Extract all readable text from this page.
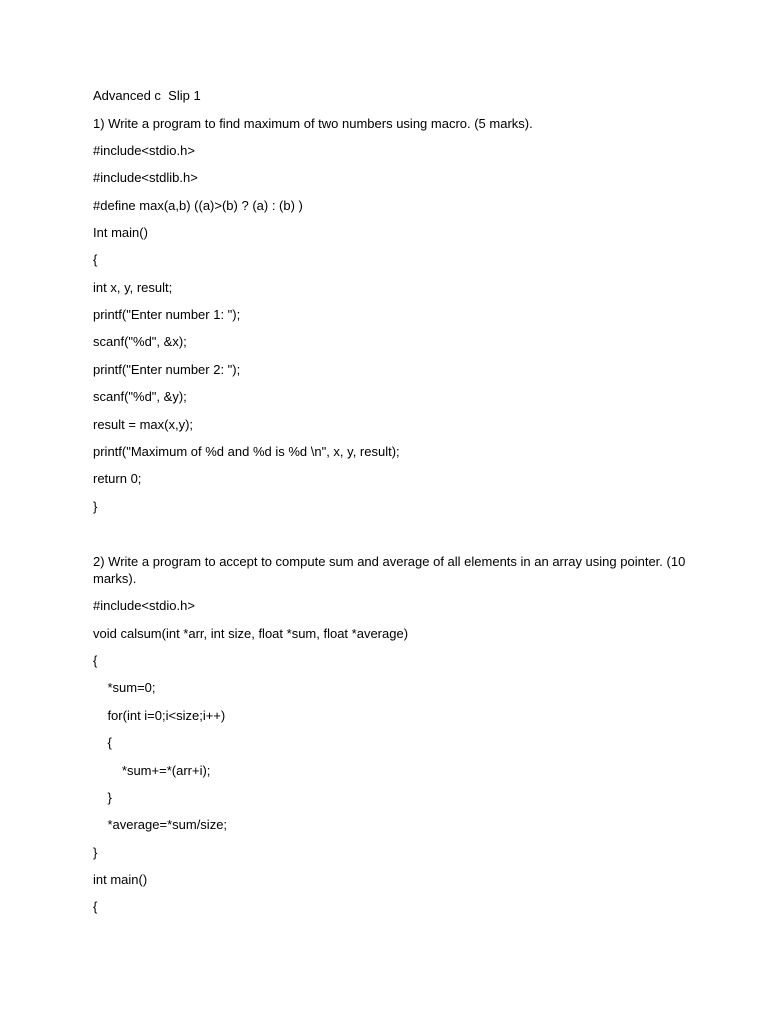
Advanced c  Slip 1
1) Write a program to find maximum of two numbers using macro. (5 marks).
#include<stdio.h>
#include<stdlib.h>
#define max(a,b) ((a)>(b) ? (a) : (b) )
Int main()
{
int x, y, result;
printf("Enter number 1: ");
scanf("%d", &x);
printf("Enter number 2: ");
scanf("%d", &y);
result = max(x,y);
printf("Maximum of %d and %d is %d \n", x, y, result);
return 0;
}
2) Write a program to accept to compute sum and average of all elements in an array using pointer. (10 marks).
#include<stdio.h>
void calsum(int *arr, int size, float *sum, float *average)
{
*sum=0;
for(int i=0;i<size;i++)
{
*sum+=*(arr+i);
}
*average=*sum/size;
}
int main()
{
